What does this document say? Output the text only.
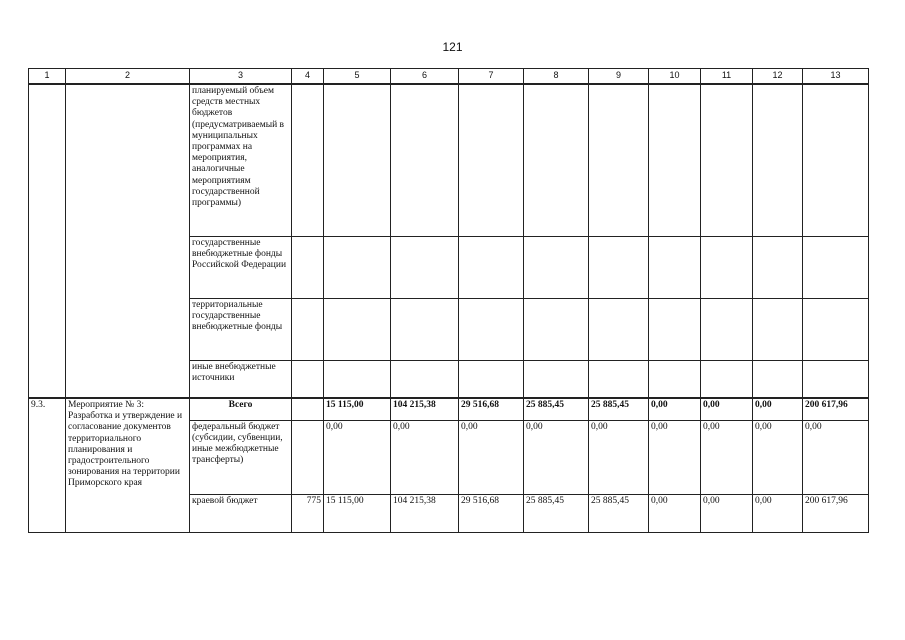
121
1	2	3	4	5	6	7	8	9	10	11	12	13
		планируемый объем средств местных бюджетов (предусматриваемый в муниципальных программах на мероприятия, аналогичные мероприятиям государственной программы)										
		государственные внебюджетные фонды Российской Федерации										
		территориальные государственные внебюджетные фонды										
		иные внебюджетные источники										
9.3.	Мероприятие № 3: Разработка и утверждение и согласование документов территориального планирования и градостроительного зонирования на территории Приморского края	Всего		15 115,00	104 215,38	29 516,68	25 885,45	25 885,45	0,00	0,00	0,00	200 617,96
		федеральный бюджет (субсидии, субвенции, иные межбюджетные трансферты)		0,00	0,00	0,00	0,00	0,00	0,00	0,00	0,00	0,00
		краевой бюджет	775	15 115,00	104 215,38	29 516,68	25 885,45	25 885,45	0,00	0,00	0,00	200 617,96
